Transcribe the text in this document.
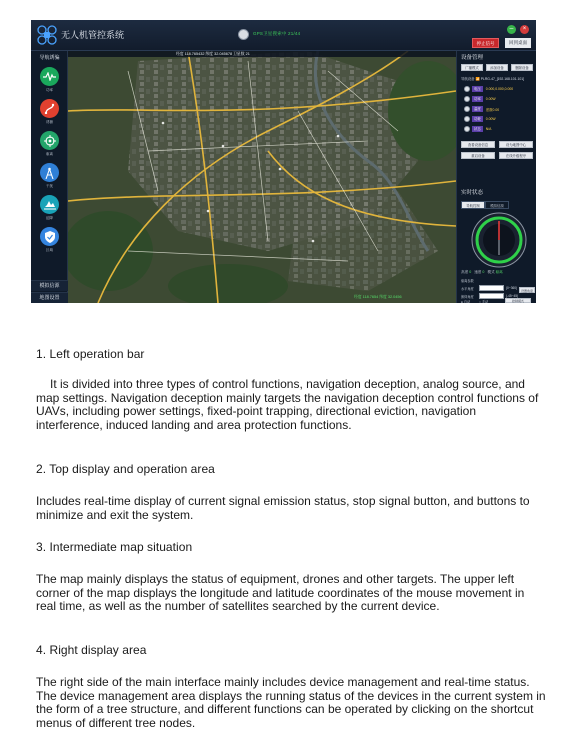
无人机管控系统	GPS卫星搜索中 21/44
–	×
停止信号	回到桌面
导航诱骗
功率
诱捕
驱离
干扰
迫降
区域
模拟信源
地图设置
经度 118.765432 纬度 32.045678 卫星数 21
经度 118.7654 纬度 32.0456
设备管理
广播模式	添加设备	删除设备
导航设备 📶 PLRG-47_[192.168.101.101]
电压	0.000,0.000,0.000
功率	0.00W
温度	度数0.00
功耗	0.00W
状态	N/A
查看设备信息	设为地图中心
重启设备	在线升级程序
实时状态
导航控制	模拟信源
高度 0 速度 0 模式 驱离
驱离参数
水平角度	(0~360)
设置角度
俯仰角度	(-45~45)
● 自动	○ 手动	控制模式
1. Left operation bar
It is divided into three types of control functions, navigation deception, analog source, and map settings. Navigation deception mainly targets the navigation deception control functions of UAVs, including power settings, fixed-point trapping, directional eviction, navigation interference, induced landing and area protection functions.
2. Top display and operation area
Includes real-time display of current signal emission status, stop signal button, and buttons to minimize and exit the system.
3. Intermediate map situation
The map mainly displays the status of equipment, drones and other targets. The upper left corner of the map displays the longitude and latitude coordinates of the mouse movement in real time, as well as the number of satellites searched by the current device.
4. Right display area
The right side of the main interface mainly includes device management and real-time status. The device management area displays the running status of the devices in the current system in the form of a tree structure, and different functions can be operated by clicking on the shortcut menus of different tree nodes.
